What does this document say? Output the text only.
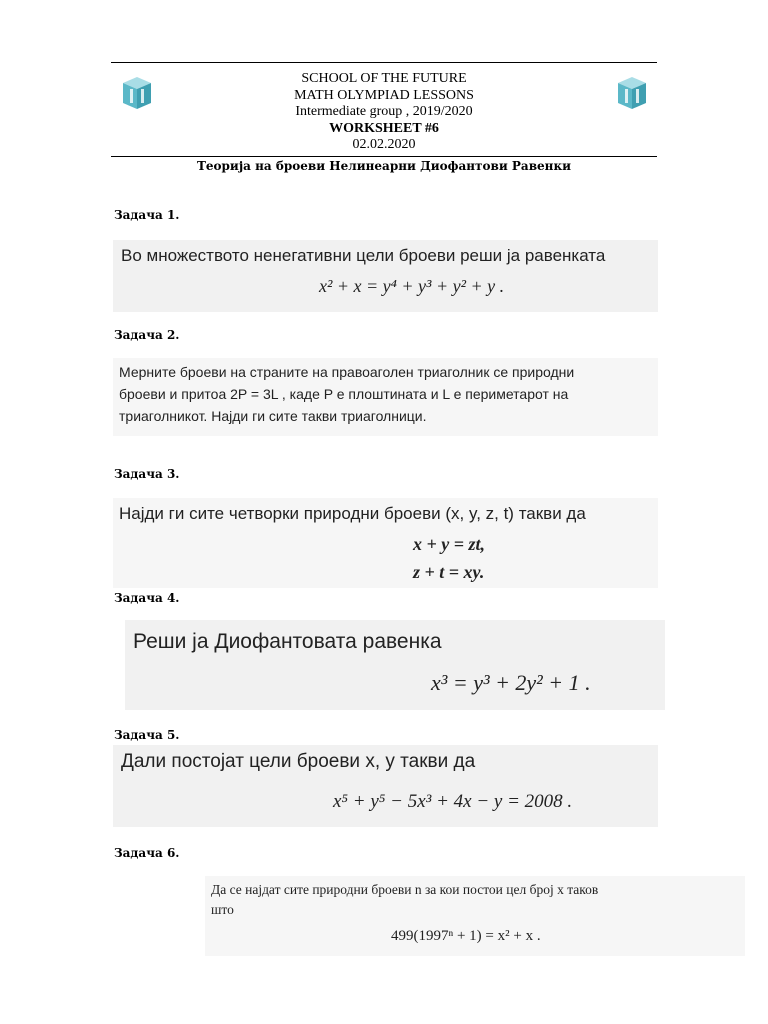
SCHOOL OF THE FUTURE
MATH OLYMPIAD LESSONS
Intermediate group , 2019/2020
WORKSHEET #6
02.02.2020
Теорија на броеви Нелинеарни Диофантови Равенки
Задача 1.
Во множеството ненегативни цели броеви реши ја равенката
x² + x = y⁴ + y³ + y² + y .
Задача 2.
Мерните броеви на страните на правоаголен триаголник се природни
броеви и притоа 2P = 3L , каде P е плоштината и L е периметарот на
триаголникот. Најди ги сите такви триаголници.
Задача 3.
Најди ги сите четворки природни броеви (x, y, z, t) такви да
x + y = zt,
z + t = xy.
Задача 4.
Реши ја Диофантовата равенка
x³ = y³ + 2y² + 1 .
Задача 5.
Дали постојат цели броеви x, y такви да
x⁵ + y⁵ − 5x³ + 4x − y = 2008 .
Задача 6.
Да се најдат сите природни броеви n за кои постои цел број x таков
што
499(1997ⁿ + 1) = x² + x .
